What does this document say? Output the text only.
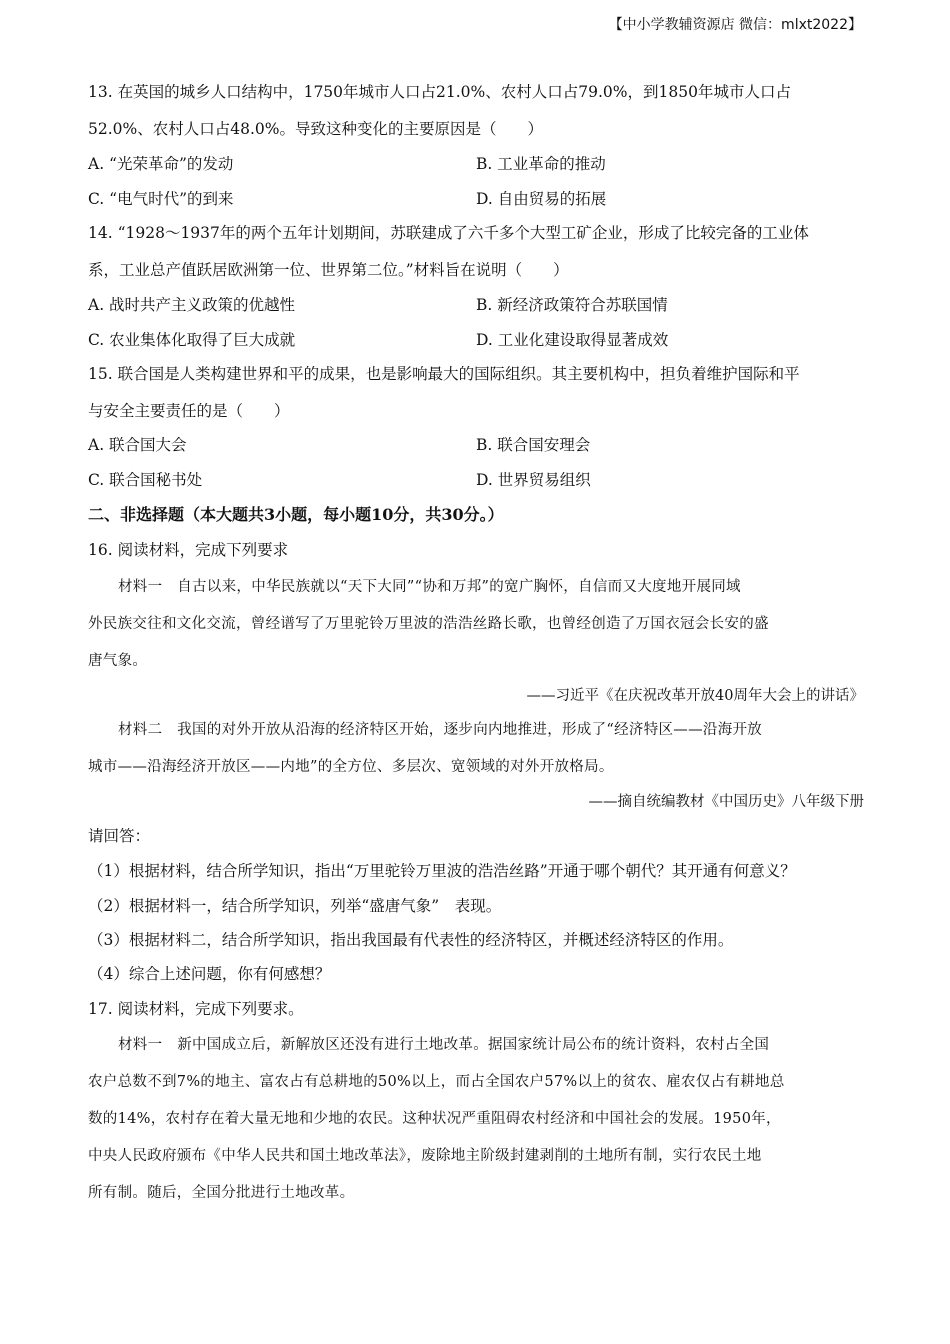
【中小学教辅资源店 微信：mlxt2022】
13. 在英国的城乡人口结构中，1750年城市人口占21.0%、农村人口占79.0%，到1850年城市人口占
52.0%、农村人口占48.0%。导致这种变化的主要原因是（　　）
A. “光荣革命”的发动	B. 工业革命的推动
C. “电气时代”的到来	D. 自由贸易的拓展
14. “1928～1937年的两个五年计划期间，苏联建成了六千多个大型工矿企业，形成了比较完备的工业体
系，工业总产值跃居欧洲第一位、世界第二位。”材料旨在说明（　　）
A. 战时共产主义政策的优越性	B. 新经济政策符合苏联国情
C. 农业集体化取得了巨大成就	D. 工业化建设取得显著成效
15. 联合国是人类构建世界和平的成果，也是影响最大的国际组织。其主要机构中，担负着维护国际和平
与安全主要责任的是（　　）
A. 联合国大会	B. 联合国安理会
C. 联合国秘书处	D. 世界贸易组织
二、非选择题（本大题共3小题，每小题10分，共30分。）
16. 阅读材料，完成下列要求
材料一　自古以来，中华民族就以“天下大同”“协和万邦”的宽广胸怀，自信而又大度地开展同域
外民族交往和文化交流，曾经谱写了万里驼铃万里波的浩浩丝路长歌，也曾经创造了万国衣冠会长安的盛
唐气象。
——习近平《在庆祝改革开放40周年大会上的讲话》
材料二　我国的对外开放从沿海的经济特区开始，逐步向内地推进，形成了“经济特区——沿海开放
城市——沿海经济开放区——内地”的全方位、多层次、宽领域的对外开放格局。
——摘自统编教材《中国历史》八年级下册
请回答：
（1）根据材料，结合所学知识，指出“万里驼铃万里波的浩浩丝路”开通于哪个朝代？其开通有何意义？
（2）根据材料一，结合所学知识，列举“盛唐气象”　表现。
（3）根据材料二，结合所学知识，指出我国最有代表性的经济特区，并概述经济特区的作用。
（4）综合上述问题，你有何感想？
17. 阅读材料，完成下列要求。
材料一　新中国成立后，新解放区还没有进行土地改革。据国家统计局公布的统计资料，农村占全国
农户总数不到7%的地主、富农占有总耕地的50%以上，而占全国农户57%以上的贫农、雇农仅占有耕地总
数的14%，农村存在着大量无地和少地的农民。这种状况严重阻碍农村经济和中国社会的发展。1950年，
中央人民政府颁布《中华人民共和国土地改革法》，废除地主阶级封建剥削的土地所有制，实行农民土地
所有制。随后，全国分批进行土地改革。
